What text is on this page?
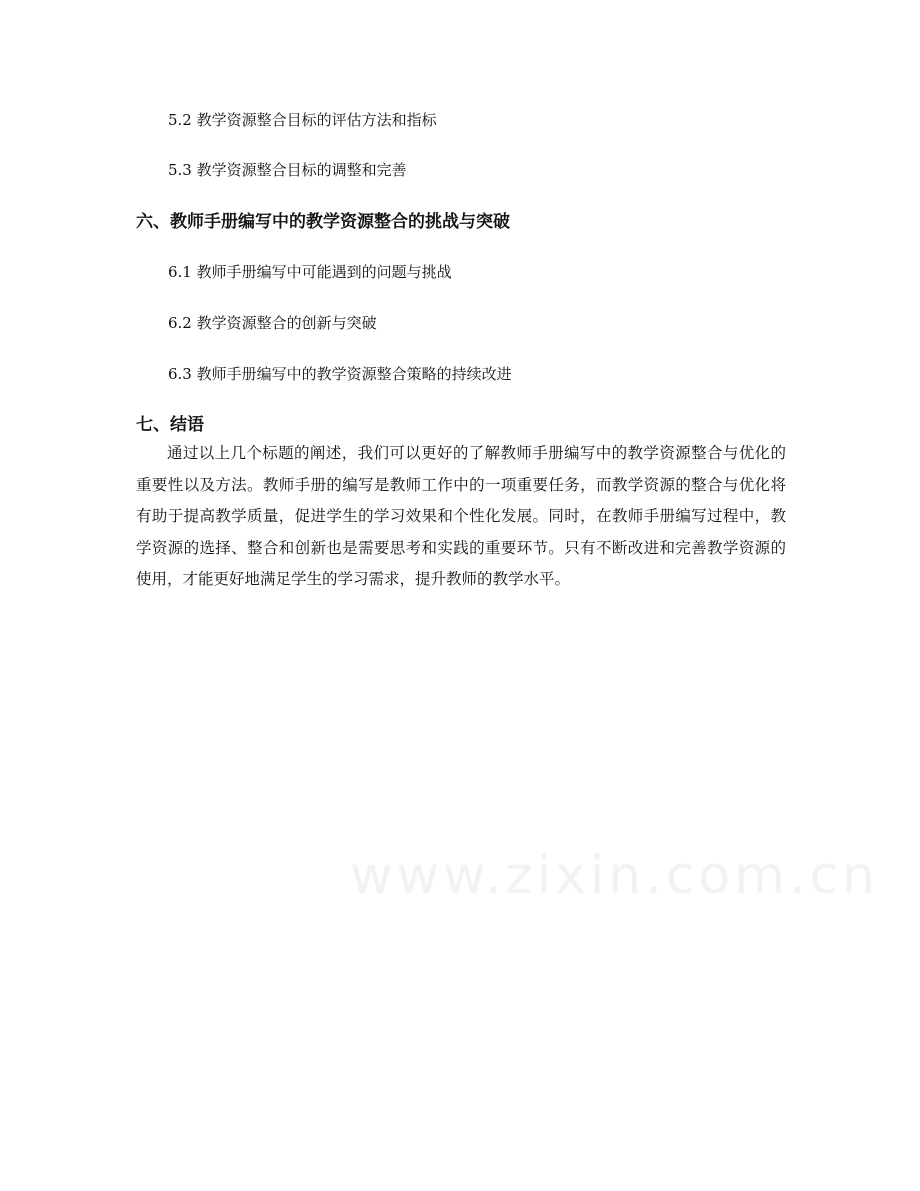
www.zixin.com.cn
5.2 教学资源整合目标的评估方法和指标
5.3 教学资源整合目标的调整和完善
六、教师手册编写中的教学资源整合的挑战与突破
6.1 教师手册编写中可能遇到的问题与挑战
6.2 教学资源整合的创新与突破
6.3 教师手册编写中的教学资源整合策略的持续改进
七、结语

通过以上几个标题的阐述，我们可以更好的了解教师手册编写中的教学资源整合与优化的重要性以及方法。教师手册的编写是教师工作中的一项重要任务，而教学资源的整合与优化将有助于提高教学质量，促进学生的学习效果和个性化发展。同时，在教师手册编写过程中，教学资源的选择、整合和创新也是需要思考和实践的重要环节。只有不断改进和完善教学资源的使用，才能更好地满足学生的学习需求，提升教师的教学水平。
